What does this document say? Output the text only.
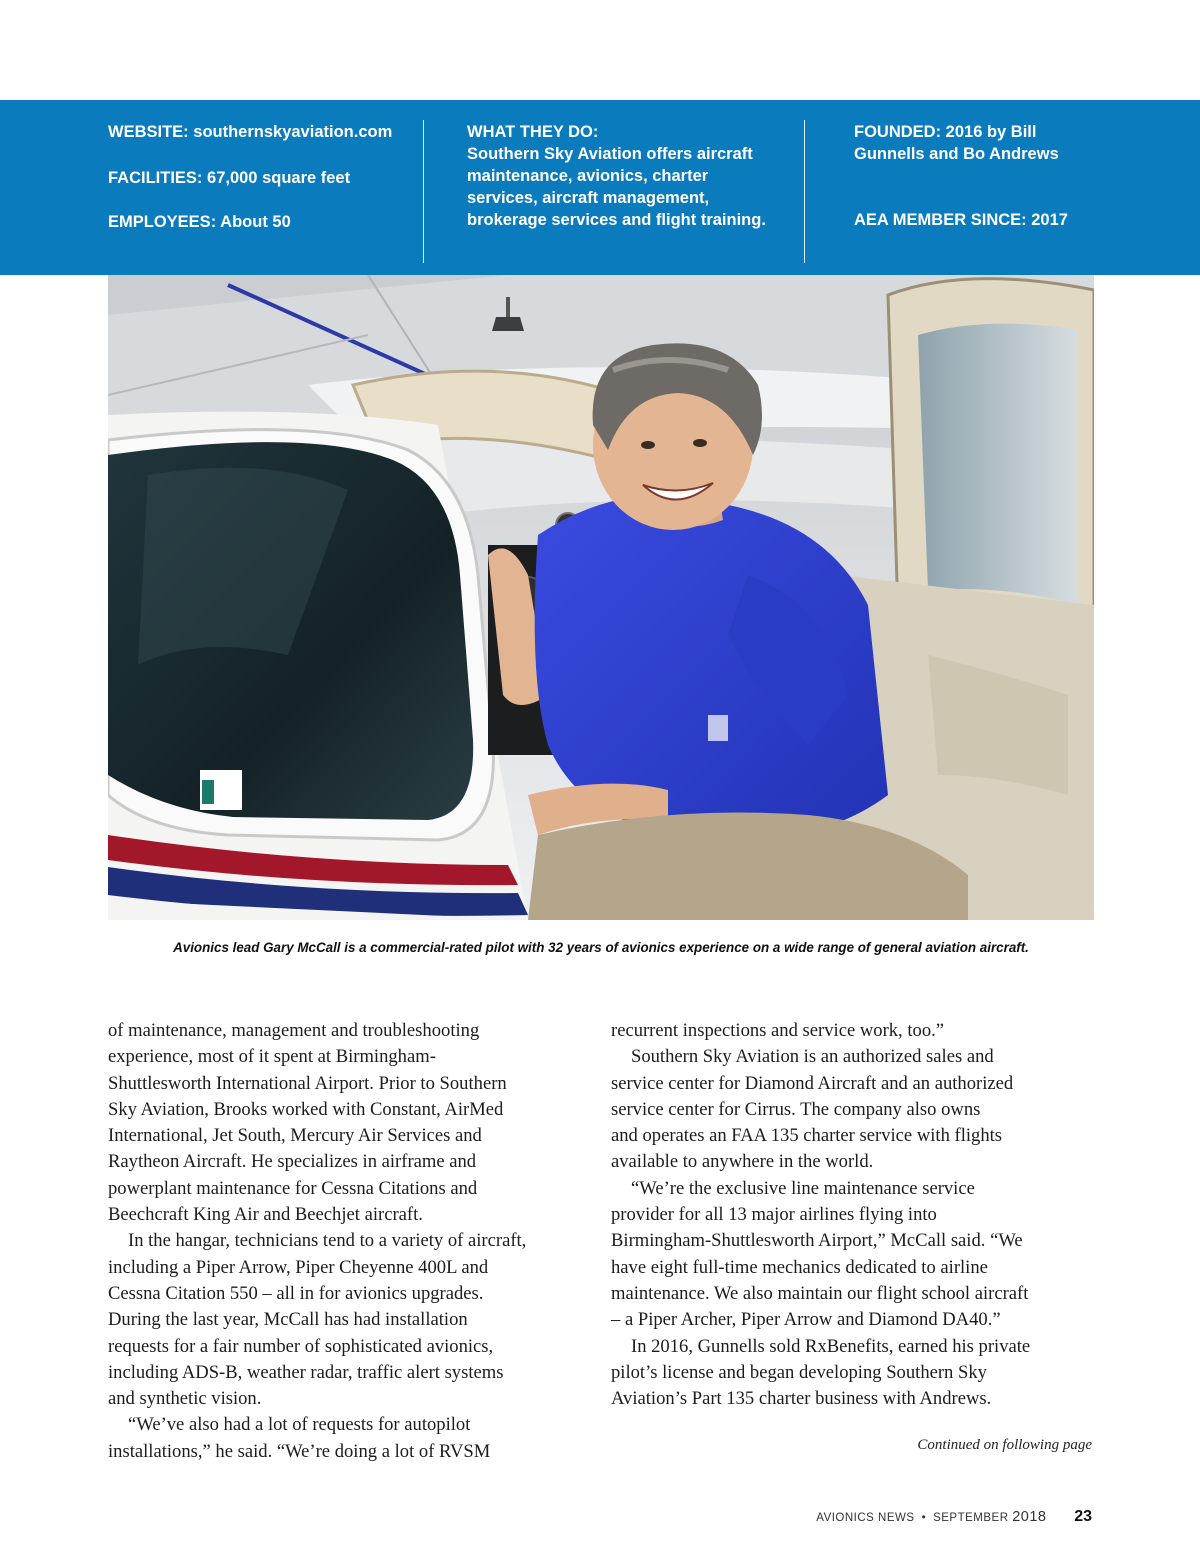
WEBSITE: southernskyaviation.com

FACILITIES: 67,000 square feet

EMPLOYEES: About 50

WHAT THEY DO:

Southern Sky Aviation offers aircraft

maintenance, avionics, charter

services, aircraft management,

brokerage services and flight training.

FOUNDED: 2016 by Bill

Gunnells and Bo Andrews

AEA MEMBER SINCE: 2017

Avionics lead Gary McCall is a commercial-rated pilot with 32 years of avionics experience on a wide range of general aviation aircraft.

of maintenance, management and troubleshooting

experience, most of it spent at Birmingham-

Shuttlesworth International Airport. Prior to Southern

Sky Aviation, Brooks worked with Constant, AirMed

International, Jet South, Mercury Air Services and

Raytheon Aircraft. He specializes in airframe and

powerplant maintenance for Cessna Citations and

Beechcraft King Air and Beechjet aircraft.

In the hangar, technicians tend to a variety of aircraft,

including a Piper Arrow, Piper Cheyenne 400L and

Cessna Citation 550 – all in for avionics upgrades.

During the last year, McCall has had installation

requests for a fair number of sophisticated avionics,

including ADS-B, weather radar, traffic alert systems

and synthetic vision.

“We’ve also had a lot of requests for autopilot

installations,” he said. “We’re doing a lot of RVSM

recurrent inspections and service work, too.”

Southern Sky Aviation is an authorized sales and

service center for Diamond Aircraft and an authorized

service center for Cirrus. The company also owns

and operates an FAA 135 charter service with flights

available to anywhere in the world.

“We’re the exclusive line maintenance service

provider for all 13 major airlines flying into

Birmingham-Shuttlesworth Airport,” McCall said. “We

have eight full-time mechanics dedicated to airline

maintenance. We also maintain our flight school aircraft

– a Piper Archer, Piper Arrow and Diamond DA40.”

In 2016, Gunnells sold RxBenefits, earned his private

pilot’s license and began developing Southern Sky

Aviation’s Part 135 charter business with Andrews.

Continued on following page
AVIONICS NEWS • SEPTEMBER 2018 23
